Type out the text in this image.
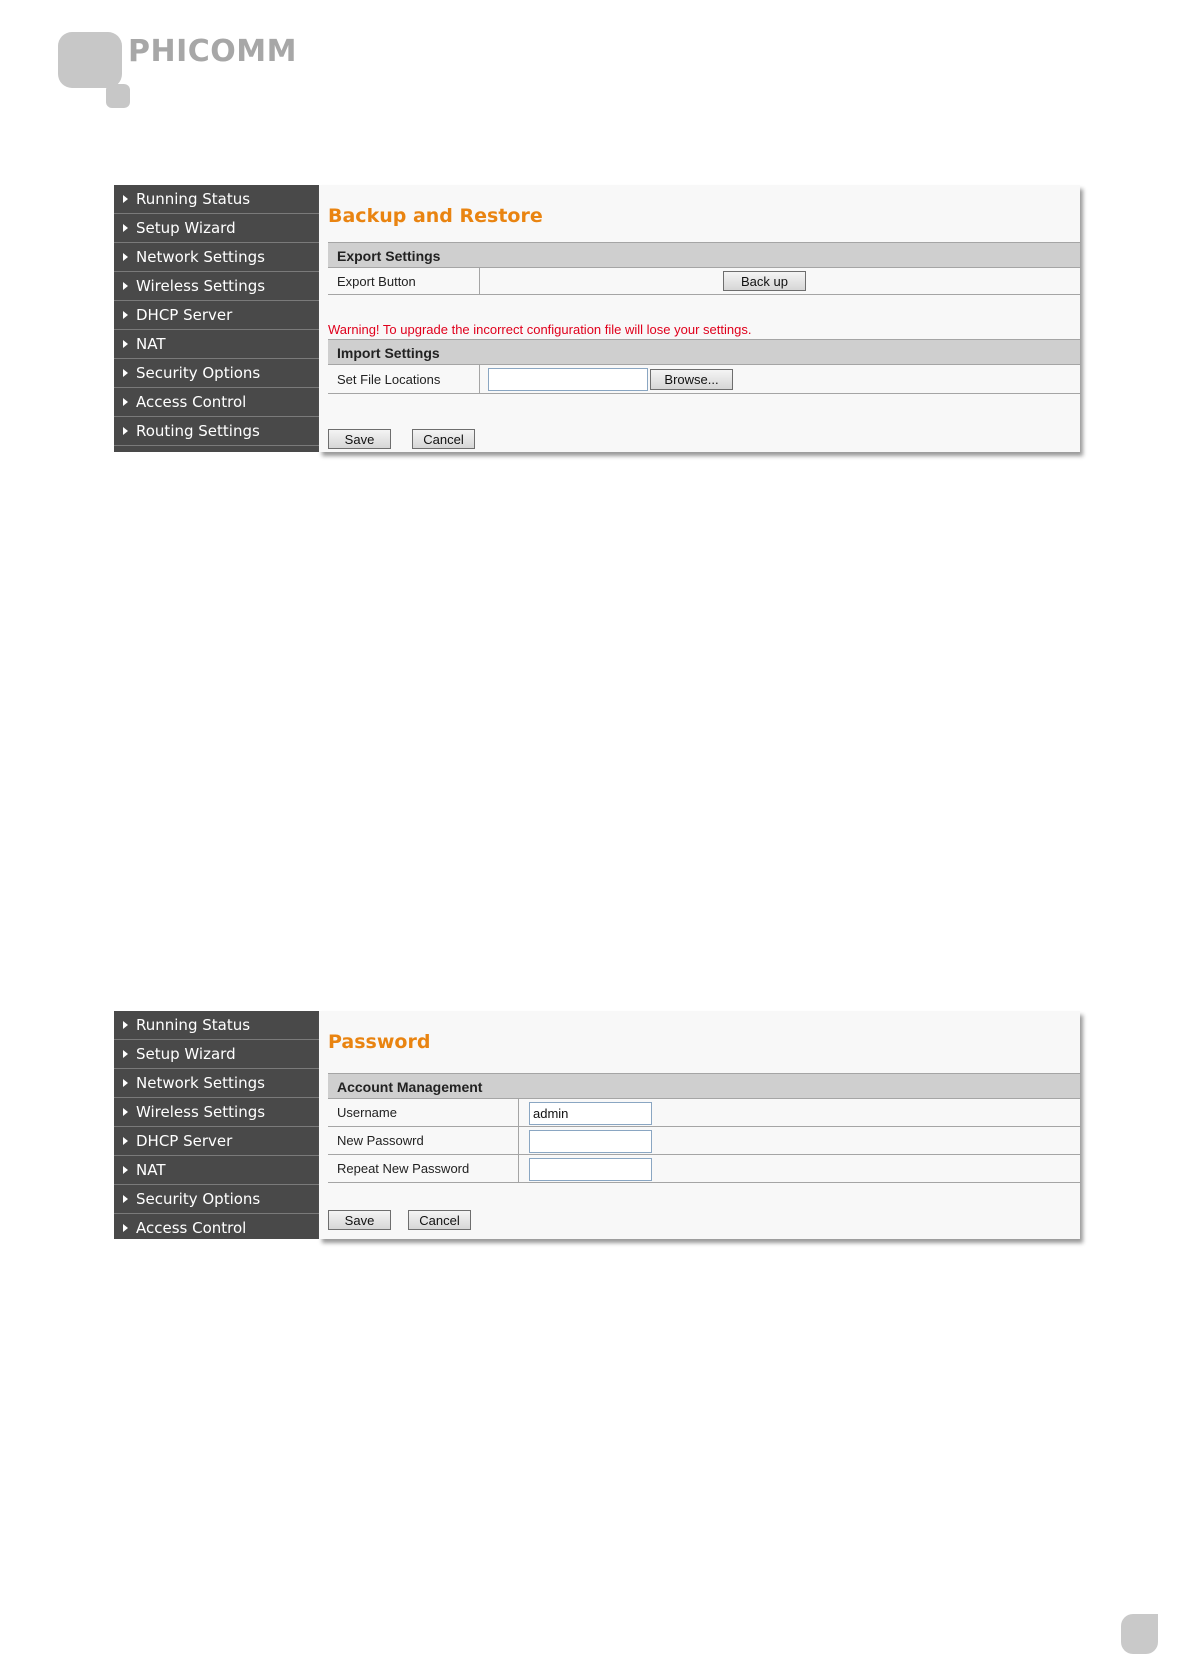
PHICOMM
Running Status
Setup Wizard
Network Settings
Wireless Settings
DHCP Server
NAT
Security Options
Access Control
Routing Settings
Backup and Restore
Export Settings
Export Button	Back up
Warning! To upgrade the incorrect configuration file will lose your settings.
Import Settings
Set File Locations	Browse...
Save	Cancel
Running Status
Setup Wizard
Network Settings
Wireless Settings
DHCP Server
NAT
Security Options
Access Control
Password
Account Management
Username	admin
New Passowrd
Repeat New Password
Save	Cancel
